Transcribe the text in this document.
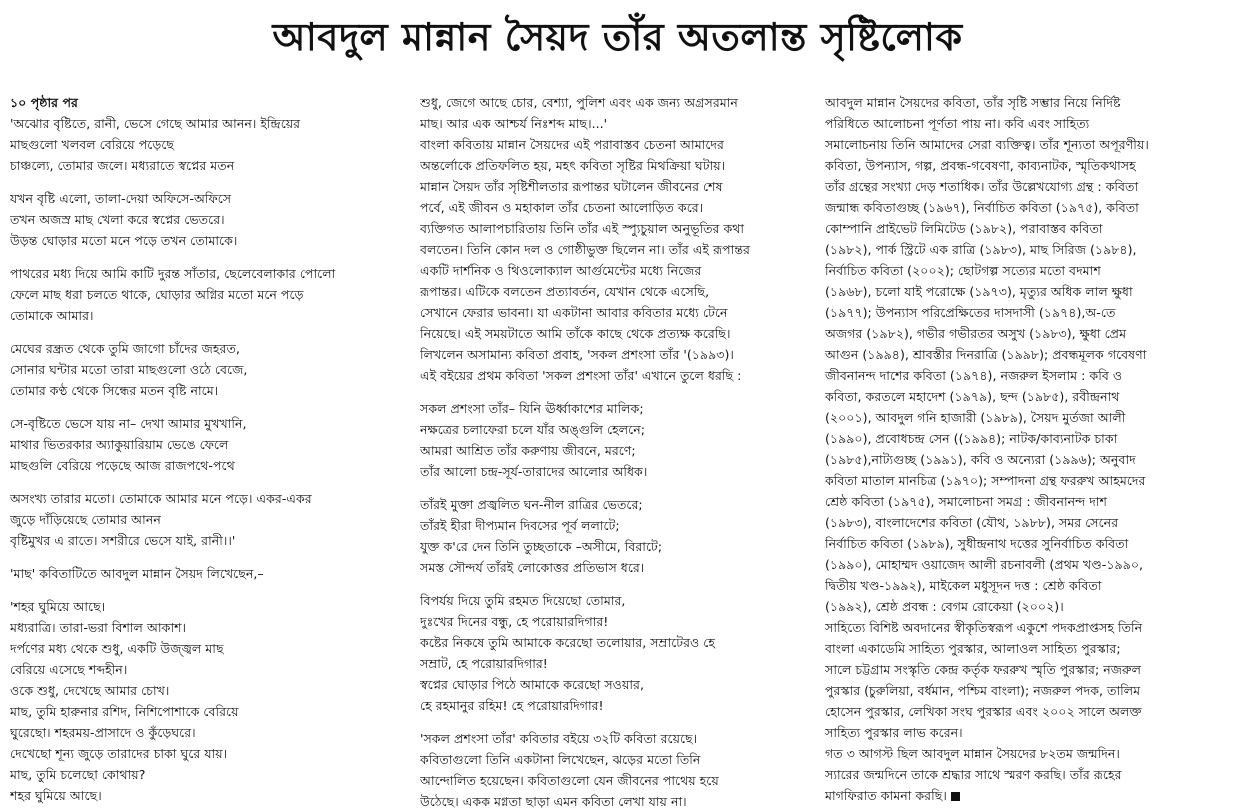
আবদুল মান্নান সৈয়দ তাঁর অতলান্ত সৃষ্টিলোক
১০ পৃষ্ঠার পর
'অঝোর বৃষ্টিতে, রানী, ভেসে গেছে আমার আনন। ইন্দ্রিয়ের
মাছগুলো খলবল বেরিয়ে পড়েছে
চাঞ্চল্যে, তোমার জলে। মধ্যরাতে স্বপ্নের মতন
যখন বৃষ্টি এলো, তালা-দেয়া অফিসে-অফিসে
তখন অজস্র মাছ খেলা করে স্বপ্নের ভেতরে।
উড়ন্ত ঘোড়ার মতো মনে পড়ে তখন তোমাকে।
পাথরের মধ্য দিয়ে আমি কাটি দুরন্ত সাঁতার, ছেলেবেলাকার পোলো
ফেলে মাছ ধরা চলতে থাকে, ঘোড়ার অগ্নির মতো মনে পড়ে
তোমাকে আমার।
মেঘের রন্ধ্রত থেকে তুমি জাগো চাঁদের জহরত,
সোনার ঘন্টার মতো তারা মাছগুলো ওঠে বেজে,
তোমার কণ্ঠ থেকে সিন্ধের মতন বৃষ্টি নামে।
সে-বৃষ্টিতে ভেসে যায় না– দেখা আমার মুখখানি,
মাথার ভিতরকার অ্যাকুয়ারিয়াম ভেঙে ফেলে
মাছগুলি বেরিয়ে পড়েছে আজ রাজপথে-পথে
অসংখ্য তারার মতো। তোমাকে আমার মনে পড়ে। একর-একর
জুড়ে দাঁড়িয়েছে তোমার আনন
বৃষ্টিমুখর এ রাতে। সশরীরে ভেসে যাই, রানী।।'
'মাছ' কবিতাটিতে আবদুল মান্নান সৈয়দ লিখেছেন,–
'শহর ঘুমিয়ে আছে।
মধ্যরাত্রি। তারা-ভরা বিশাল আকাশ।
দর্পণের মধ্য থেকে শুধু, একটি উজ্জ্বল মাছ
বেরিয়ে এসেছে শব্দহীন।
ওকে শুধু, দেখেছে আমার চোখ।
মাছ, তুমি হারুনার রশিদ, নিশিপোশাকে বেরিয়ে
ঘুরেছো। শহরময়-প্রাসাদে ও কুঁড়েঘরে।
দেখেছো শূন্য জুড়ে তারাদের চাকা ঘুরে যায়।
মাছ, তুমি চলেছো কোথায়?
শহর ঘুমিয়ে আছে।
শুধু, জেগে আছে চোর, বেশ্যা, পুলিশ এবং এক জন্য অগ্রসরমান
মাছ। আর এক আশ্চর্য নিঃশব্দ মাছ।...'
বাংলা কবিতায় মান্নান সৈয়দের এই পরাবাস্তব চেতনা আমাদের
অন্তর্লোকে প্রতিফলিত হয়, মহৎ কবিতা সৃষ্টির মিথক্রিয়া ঘটায়।
মান্নান সৈয়দ তাঁর সৃষ্টিশীলতার রূপান্তর ঘটালেন জীবনের শেষ
পর্বে, এই জীবন ও মহাকাল তাঁর চেতনা আলোড়িত করে।
ব্যক্তিগত আলাপচারিতায় তিনি তাঁর এই স্প্যুচুয়াল অনুভূতির কথা
বলতেন। তিনি কোন দল ও গোষ্ঠীভুক্ত ছিলেন না। তাঁর এই রূপান্তর
একটি দার্শনিক ও থিওলোক্যাল আর্গুমেন্টের মধ্যে নিজের
রূপান্তর। এটিকে বলতেন প্রত্যাবর্তন, যেখান থেকে এসেছি,
সেখানে ফেরার ভাবনা। যা একটানা আবার কবিতার মধ্যে টেনে
নিয়েছে। এই সময়টাতে আমি তাঁকে কাছে থেকে প্রত্যক্ষ করেছি।
লিখলেন অসামান্য কবিতা প্রবাহ, 'সকল প্রশংসা তাঁর '(১৯৯৩)।
এই বইয়ের প্রথম কবিতা 'সকল প্রশংসা তাঁর' এখানে তুলে ধরছি :
সকল প্রশংসা তাঁর– যিনি ঊর্ধ্বাকাশের মালিক;
নক্ষত্রের চলাফেরা চলে যাঁর অঙ্গুলি হেলনে;
আমরা আশ্রিত তাঁর করুণায় জীবনে, মরণে;
তাঁর আলো চন্দ্র-সূর্য-তারাদের আলোর অধিক।
তাঁরই মুক্তা প্রজ্বলিত ঘন-নীল রাত্রির ভেতরে;
তাঁরই হীরা দীপ্যমান দিবসের পূর্ব ললাটে;
যুক্ত ক'রে দেন তিনি তুচ্ছতাকে –অসীমে, বিরাটে;
সমস্ত সৌন্দর্য তাঁরই লোকোত্তর প্রতিভাস ধরে।
বিপর্যয় দিয়ে তুমি রহমত দিয়েছো তোমার,
দুঃখের দিনের বন্ধু, হে পরোয়ারদিগার!
কষ্টের নিকষে তুমি আমাকে করেছো তলোয়ার, সম্রাটেরও হে
সম্রাট, হে পরোয়ারদিগার!
স্বপ্নের ঘোড়ার পিঠে আমাকে করেছো সওয়ার,
হে রহমানুর রহিম! হে পরোয়ারদিগার!
'সকল প্রশংসা তাঁর' কবিতার বইয়ে ৩২টি কবিতা রয়েছে।
কবিতাগুলো তিনি একটানা লিখেছেন, ঝড়ের মতো তিনি
আন্দোলিত হয়েছেন। কবিতাগুলো যেন জীবনের পাথেয় হয়ে
উঠেছে। একক মগ্নতা ছাড়া এমন কবিতা লেখা যায় না।
আবদুল মান্নান সৈয়দের কবিতা, তাঁর সৃষ্টি সম্ভার নিয়ে নির্দিষ্ট
পরিধিতে আলোচনা পূর্ণতা পায় না। কবি এবং সাহিত্য
সমালোচনায় তিনি আমাদের সেরা ব্যক্তিত্ব। তাঁর শূন্যতা অপূরণীয়।
কবিতা, উপন্যাস, গল্প, প্রবন্ধ-গবেষণা, কাব্যনাটক, স্মৃতিকথাসহ
তাঁর গ্রন্থের সংখ্যা দেড় শতাধিক। তাঁর উল্লেখযোগ্য গ্রন্থ : কবিতা
জন্মান্ধ কবিতাগুচ্ছ (১৯৬৭), নির্বাচিত কবিতা (১৯৭৫), কবিতা
কোম্পানি প্রাইভেট লিমিটেড (১৯৮২), পরাবাস্তব কবিতা
(১৯৮২), পার্ক স্ট্রিটে এক রাত্রি (১৯৮৩), মাছ সিরিজ (১৯৮৪),
নির্বাচিত কবিতা (২০০২); ছোটগল্প সত্যের মতো বদমাশ
(১৯৬৮), চলো যাই পরোক্ষে (১৯৭৩), মৃত্যুর অধিক লাল ক্ষুধা
(১৯৭৭); উপন্যাস পরিপ্রেক্ষিতের দাসদাসী (১৯৭৪),অ-তে
অজগর (১৯৮২), গভীর গভীরতর অসুখ (১৯৮৩), ক্ষুধা প্রেম
আগুন (১৯৯৪), শ্রাবস্তীর দিনরাত্রি (১৯৯৮); প্রবন্ধমূলক গবেষণা
জীবনানন্দ দাশের কবিতা (১৯৭৪), নজরুল ইসলাম : কবি ও
কবিতা, করতলে মহাদেশ (১৯৭৯), ছন্দ (১৯৮৫), রবীন্দ্রনাথ
(২০০১), আবদুল গনি হাজারী (১৯৮৯), সৈয়দ মুর্তজা আলী
(১৯৯০), প্রবোধচন্দ্র সেন ((১৯৯৪); নাটক/কাব্যনাটক চাকা
(১৯৮৫),নাট্যগুচ্ছ (১৯৯১), কবি ও অন্যেরা (১৯৯৬); অনুবাদ
কবিতা মাতাল মানচিত্র (১৯৭০); সম্পাদনা গ্রন্থ ফররুখ আহমদের
শ্রেষ্ঠ কবিতা (১৯৭৫), সমালোচনা সমগ্র : জীবনানন্দ দাশ
(১৯৮৩), বাংলাদেশের কবিতা (যৌথ, ১৯৮৮), সমর সেনের
নির্বাচিত কবিতা (১৯৮৯), সুধীন্দ্রনাথ দত্তের সুনির্বাচিত কবিতা
(১৯৯০), মোহাম্মদ ওয়াজেদ আলী রচনাবলী (প্রথম খণ্ড-১৯৯০,
দ্বিতীয় খণ্ড-১৯৯২), মাইকেল মধুসূদন দত্ত : শ্রেষ্ঠ কবিতা
(১৯৯২), শ্রেষ্ঠ প্রবন্ধ : বেগম রোকেয়া (২০০২)।
সাহিত্যে বিশিষ্ট অবদানের স্বীকৃতিস্বরূপ একুশে পদকপ্রাপ্তসহ তিনি
বাংলা একাডেমি সাহিত্য পুরস্কার, আলাওল সাহিত্য পুরস্কার;
সালে চট্টগ্রাম সংস্কৃতি কেন্দ্র কর্তৃক ফররুখ স্মৃতি পুরস্কার; নজরুল
পুরস্কার (চুরুলিয়া, বর্ধমান, পশ্চিম বাংলা); নজরুল পদক, তালিম
হোসেন পুরস্কার, লেখিকা সংঘ পুরস্কার এবং ২০০২ সালে অলক্ত
সাহিত্য পুরস্কার লাভ করেন।
গত ৩ আগস্ট ছিল আবদুল মান্নান সৈয়দের ৮২তম জন্মদিন।
স্যারের জন্মদিনে তাকে শ্রদ্ধার সাথে স্মরণ করছি। তাঁর রূহের
মাগফিরাত কামনা করছি।
